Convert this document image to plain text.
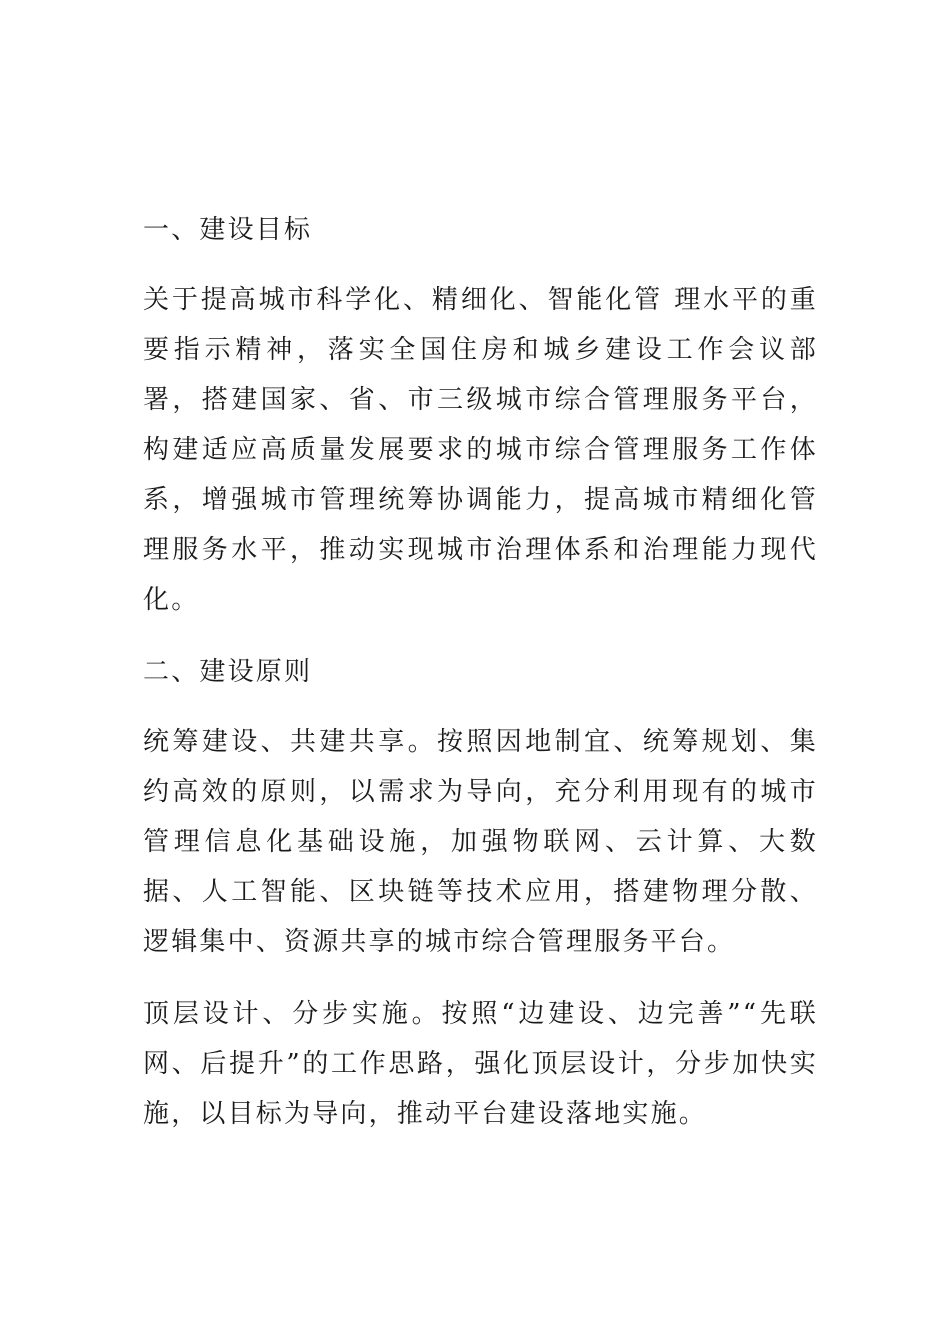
一、建设目标

关于提高城市科学化、精细化、智能化管 理水平的重要指示精神，落实全国住房和城乡建设工作会议部署，搭建国家、省、市三级城市综合管理服务平台，构建适应高质量发展要求的城市综合管理服务工作体系，增强城市管理统筹协调能力，提高城市精细化管理服务水平，推动实现城市治理体系和治理能力现代化。

二、建设原则

统筹建设、共建共享。按照因地制宜、统筹规划、集约高效的原则，以需求为导向，充分利用现有的城市管理信息化基础设施，加强物联网、云计算、大数据、人工智能、区块链等技术应用，搭建物理分散、逻辑集中、资源共享的城市综合管理服务平台。

顶层设计、分步实施。按照“边建设、边完善”“先联网、后提升”的工作思路，强化顶层设计，分步加快实施，以目标为导向，推动平台建设落地实施。
